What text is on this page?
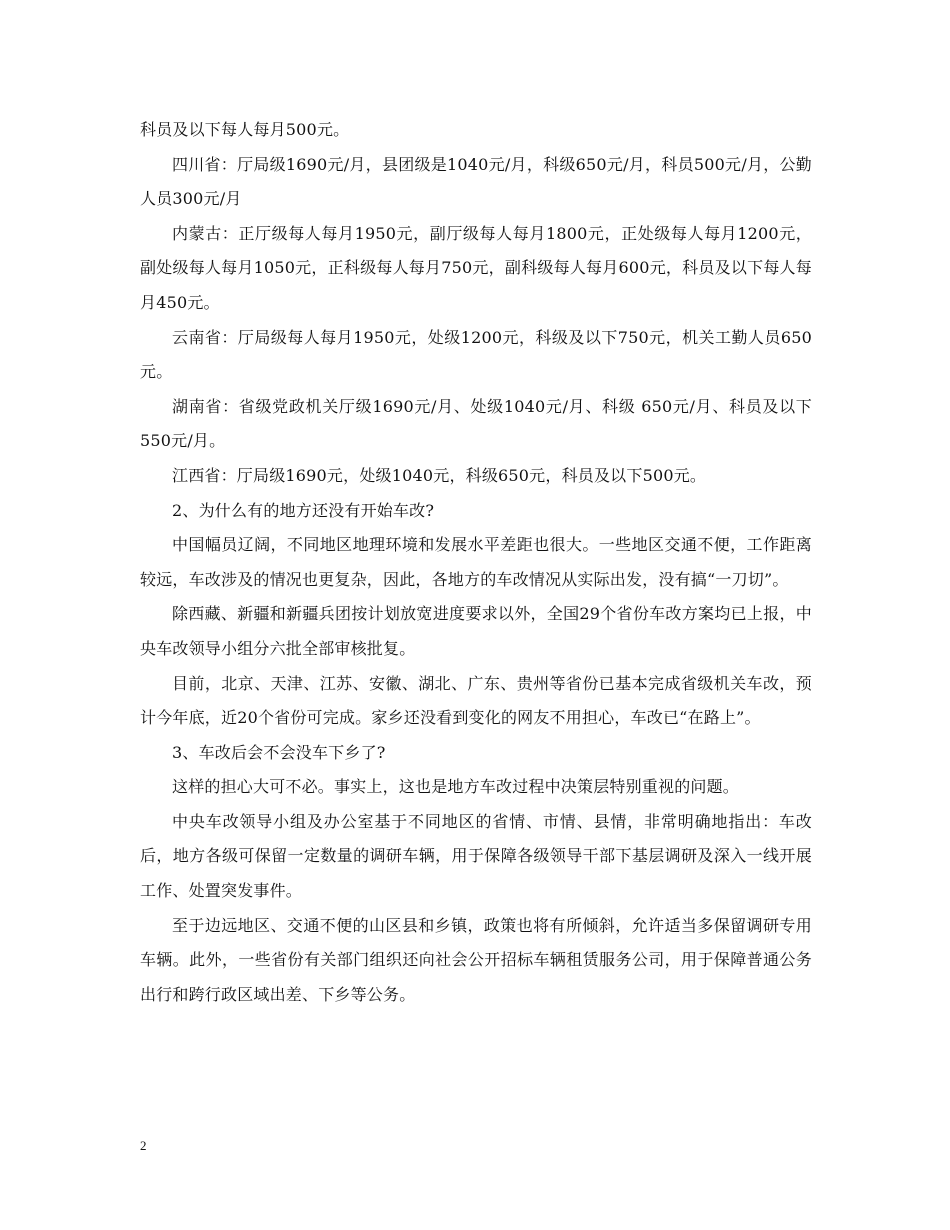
科员及以下每人每月500元。

四川省：厅局级1690元/月，县团级是1040元/月，科级650元/月，科员500元/月，公勤人员300元/月

内蒙古：正厅级每人每月1950元，副厅级每人每月1800元，正处级每人每月1200元，副处级每人每月1050元，正科级每人每月750元，副科级每人每月600元，科员及以下每人每月450元。

云南省：厅局级每人每月1950元，处级1200元，科级及以下750元，机关工勤人员650元。

湖南省：省级党政机关厅级1690元/月、处级1040元/月、科级 650元/月、科员及以下550元/月。

江西省：厅局级1690元，处级1040元，科级650元，科员及以下500元。

2、为什么有的地方还没有开始车改?

中国幅员辽阔，不同地区地理环境和发展水平差距也很大。一些地区交通不便，工作距离较远，车改涉及的情况也更复杂，因此，各地方的车改情况从实际出发，没有搞“一刀切”。

除西藏、新疆和新疆兵团按计划放宽进度要求以外，全国29个省份车改方案均已上报，中央车改领导小组分六批全部审核批复。

目前，北京、天津、江苏、安徽、湖北、广东、贵州等省份已基本完成省级机关车改，预计今年底，近20个省份可完成。家乡还没看到变化的网友不用担心，车改已“在路上”。

3、车改后会不会没车下乡了?

这样的担心大可不必。事实上，这也是地方车改过程中决策层特别重视的问题。

中央车改领导小组及办公室基于不同地区的省情、市情、县情，非常明确地指出：车改后，地方各级可保留一定数量的调研车辆，用于保障各级领导干部下基层调研及深入一线开展工作、处置突发事件。

至于边远地区、交通不便的山区县和乡镇，政策也将有所倾斜，允许适当多保留调研专用车辆。此外，一些省份有关部门组织还向社会公开招标车辆租赁服务公司，用于保障普通公务出行和跨行政区域出差、下乡等公务。

2
